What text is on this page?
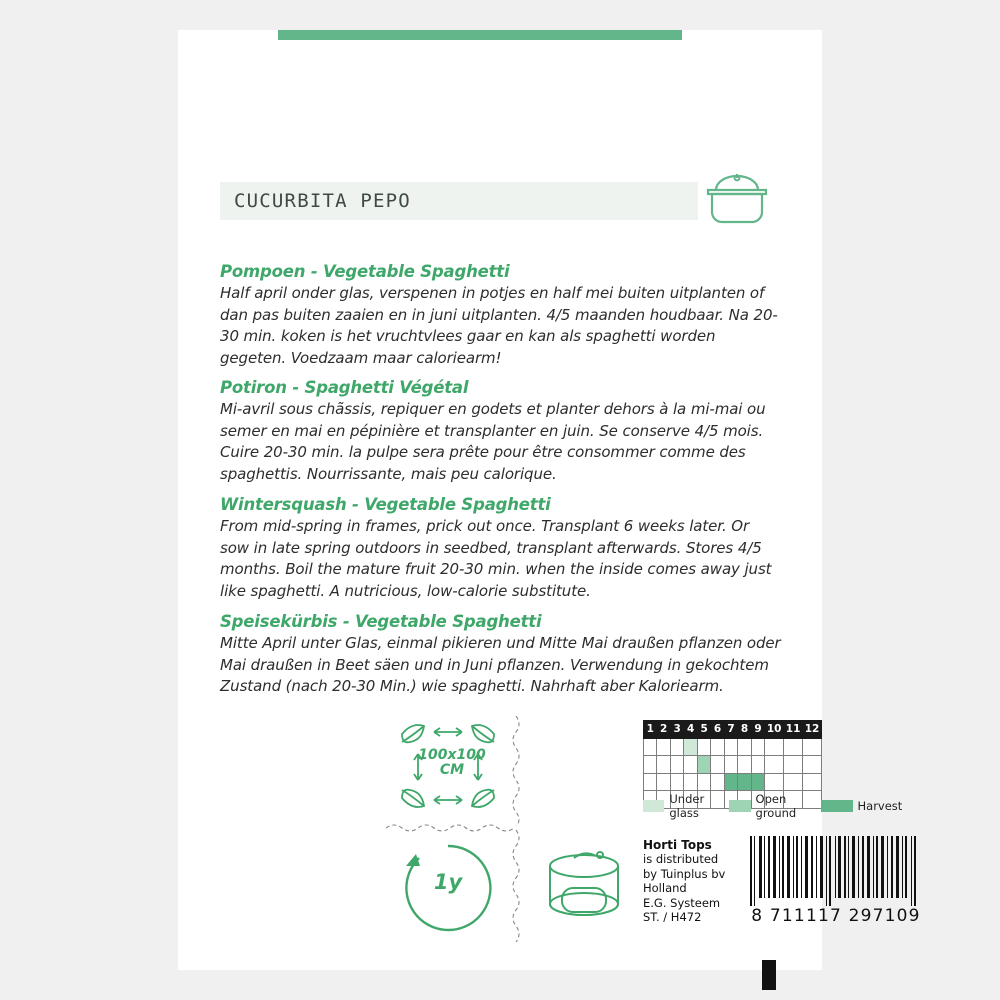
CUCURBITA PEPO
Pompoen - Vegetable Spaghetti

Half april onder glas, verspenen in potjes en half mei buiten uitplanten of dan pas buiten zaaien en in juni uitplanten. 4/5 maanden houdbaar. Na 20-30 min. koken is het vruchtvlees gaar en kan als spaghetti worden gegeten. Voedzaam maar caloriearm!

Potiron - Spaghetti Végétal

Mi-avril sous chãssis, repiquer en godets et planter dehors à la mi-mai ou semer en mai en pépinière et transplanter en juin. Se conserve 4/5 mois. Cuire 20-30 min. la pulpe sera prête pour être consommer comme des spaghettis. Nourrissante, mais peu calorique.

Wintersquash - Vegetable Spaghetti

From mid-spring in frames, prick out once. Transplant 6 weeks later. Or sow in late spring outdoors in seedbed, transplant afterwards. Stores 4/5 months. Boil the mature fruit 20-30 min. when the inside comes away just like spaghetti. A nutricious, low-calorie substitute.

Speisekürbis - Vegetable Spaghetti

Mitte April unter Glas, einmal pikieren und Mitte Mai draußen pflanzen oder Mai draußen in Beet säen und in Juni pflanzen. Verwendung in gekochtem Zustand (nach 20-30 Min.) wie spaghetti. Nahrhaft aber Kaloriearm.

100x100
CM
1	2	3	4	5	6	7	8	9	10	11	12

Under glass
Open ground	Harvest
1y
Horti Tops
is distributed
by Tuinplus bv
Holland
E.G. Systeem
ST. / H472	8 711117 297109
